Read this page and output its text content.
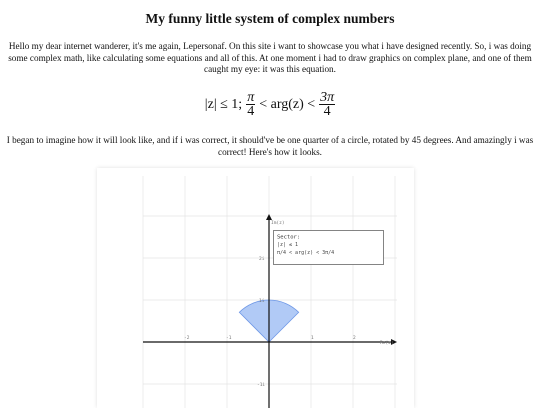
My funny little system of complex numbers

Hello my dear internet wanderer, it's me again, Lepersonaf. On this site i want to showcase you what i have designed recently. So, i was doing some complex math, like calculating some equations and all of this. At one moment i had to draw graphics on complex plane, and one of them caught my eye: it was this equation.

|z| ≤ 1; $\frac{\pi}{4} < arg(z) < \frac{3\pi}{4}$

I began to imagine how it will look like, and if i was correct, it should've be one quarter of a circle, rotated by 45 degrees. And amazingly i was correct! Here's how it looks.

Re(z)
Im(z)
-2	-1	1	2
2i
1i
-1i
Sector:
|z| ≤ 1
π/4 < arg(z) < 3π/4
